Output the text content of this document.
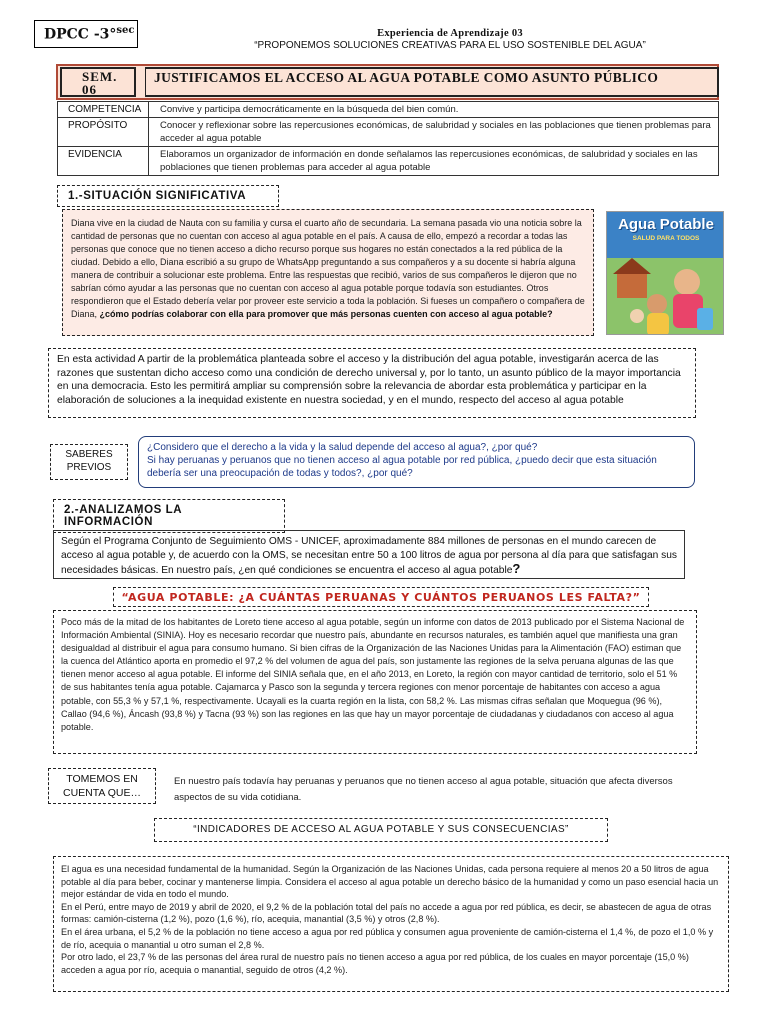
DPCC -3°$^{sec}$	Experiencia de Aprendizaje 03
“PROPONEMOS SOLUCIONES CREATIVAS PARA EL USO SOSTENIBLE DEL AGUA”
SEM. 06
JUSTIFICAMOS EL ACCESO AL AGUA POTABLE COMO ASUNTO PÚBLICO
COMPETENCIA	Convive y participa democráticamente en la búsqueda del bien común.
PROPÓSITO	Conocer y reflexionar sobre las repercusiones económicas, de salubridad y sociales en las poblaciones que tienen problemas para acceder al agua potable
EVIDENCIA	Elaboramos un organizador de información en donde señalamos las repercusiones económicas, de salubridad y sociales en las poblaciones que tienen problemas para acceder al agua potable
1.-SITUACIÓN SIGNIFICATIVA
Diana vive en la ciudad de Nauta con su familia y cursa el cuarto año de secundaria. La semana pasada vio una noticia sobre la cantidad de personas que no cuentan con acceso al agua potable en el país. A causa de ello, empezó a recordar a todas las personas que conoce que no tienen acceso a dicho recurso porque sus hogares no están conectados a la red pública de la ciudad. Debido a ello, Diana escribió a su grupo de WhatsApp preguntando a sus compañeros y a su docente si habría alguna manera de contribuir a solucionar este problema. Entre las respuestas que recibió, varios de sus compañeros le dijeron que no sabrían cómo ayudar a las personas que no cuentan con acceso al agua potable porque todavía son estudiantes. Otros respondieron que el Estado debería velar por proveer este servicio a toda la población. Si fueses un compañero o compañera de Diana, ¿cómo podrías colaborar con ella para promover que más personas cuenten con acceso al agua potable?
Agua Potable
SALUD PARA TODOS
En esta actividad A partir de la problemática planteada sobre el acceso y la distribución del agua potable, investigarán acerca de las razones que sustentan dicho acceso como una condición de derecho universal y, por lo tanto, un asunto público de la mayor importancia en una democracia. Esto les permitirá ampliar su comprensión sobre la relevancia de abordar esta problemática y participar en la elaboración de soluciones a la inequidad existente en nuestra sociedad, y en el mundo, respecto del acceso al agua potable
SABERES PREVIOS
¿Considero que el derecho a la vida y la salud depende del acceso al agua?, ¿por qué?
Si hay peruanas y peruanos que no tienen acceso al agua potable por red pública, ¿puedo decir que esta situación debería ser una preocupación de todas y todos?, ¿por qué?
2.-ANALIZAMOS LA INFORMACIÓN
Según el Programa Conjunto de Seguimiento OMS - UNICEF, aproximadamente 884 millones de personas en el mundo carecen de acceso al agua potable y, de acuerdo con la OMS, se necesitan entre 50 a 100 litros de agua por persona al día para que satisfagan sus necesidades básicas. En nuestro país, ¿en qué condiciones se encuentra el acceso al agua potable?
“AGUA POTABLE: ¿A CUÁNTAS PERUANAS Y CUÁNTOS PERUANOS LES FALTA?”
Poco más de la mitad de los habitantes de Loreto tiene acceso al agua potable, según un informe con datos de 2013 publicado por el Sistema Nacional de Información Ambiental (SINIA). Hoy es necesario recordar que nuestro país, abundante en recursos naturales, es también aquel que manifiesta una gran desigualdad al distribuir el agua para consumo humano. Si bien cifras de la Organización de las Naciones Unidas para la Alimentación (FAO) estiman que la cuenca del Atlántico aporta en promedio el 97,2 % del volumen de agua del país, son justamente las regiones de la selva peruana algunas de las que tienen menor acceso al agua potable. El informe del SINIA señala que, en el año 2013, en Loreto, la región con mayor cantidad de territorio, solo el 51 % de sus habitantes tenía agua potable. Cajamarca y Pasco son la segunda y tercera regiones con menor porcentaje de habitantes con acceso a agua potable, con 55,3 % y 57,1 %, respectivamente. Ucayali es la cuarta región en la lista, con 58,2 %. Las mismas cifras señalan que Moquegua (96 %), Callao (94,6 %), Áncash (93,8 %) y Tacna (93 %) son las regiones en las que hay un mayor porcentaje de ciudadanas y ciudadanos con acceso al agua potable.
TOMEMOS EN CUENTA QUE…
En nuestro país todavía hay peruanas y peruanos que no tienen acceso al agua potable, situación que afecta diversos aspectos de su vida cotidiana.
“INDICADORES DE ACCESO AL AGUA POTABLE Y SUS CONSECUENCIAS”
El agua es una necesidad fundamental de la humanidad. Según la Organización de las Naciones Unidas, cada persona requiere al menos 20 a 50 litros de agua potable al día para beber, cocinar y mantenerse limpia. Considera el acceso al agua potable un derecho básico de la humanidad y como un paso esencial hacia un mejor estándar de vida en todo el mundo.
En el Perú, entre mayo de 2019 y abril de 2020, el 9,2 % de la población total del país no accede a agua por red pública, es decir, se abastecen de agua de otras formas: camión-cisterna (1,2 %), pozo (1,6 %), río, acequia, manantial (3,5 %) y otros (2,8 %).
En el área urbana, el 5,2 % de la población no tiene acceso a agua por red pública y consumen agua proveniente de camión-cisterna el 1,4 %, de pozo el 1,0 % y de río, acequia o manantial u otro suman el 2,8 %.
Por otro lado, el 23,7 % de las personas del área rural de nuestro país no tienen acceso a agua por red pública, de los cuales en mayor porcentaje (15,0 %) acceden a agua por río, acequia o manantial, seguido de otros (4,2 %).
